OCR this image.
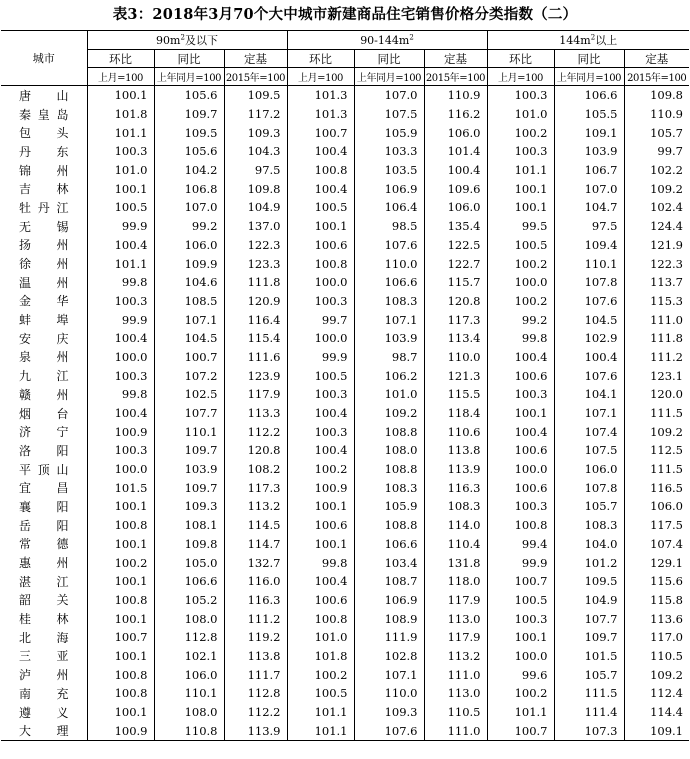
表3：2018年3月70个大中城市新建商品住宅销售价格分类指数（二）
城市	$90m^2$及以下			$90-144m^2$			$144m^2$以上		
	环比	同比	定基	环比	同比	定基	环比	同比	定基
	上月=100	上年同月=100	2015年=100	上月=100	上年同月=100	2015年=100	上月=100	上年同月=100	2015年=100

唐　山	100.1	105.6	109.5	101.3	107.0	110.9	100.3	106.6	109.8

秦皇岛	101.8	109.7	117.2	101.3	107.5	116.2	101.0	105.5	110.9

包　头	101.1	109.5	109.3	100.7	105.9	106.0	100.2	109.1	105.7

丹　东	100.3	105.6	104.3	100.4	103.3	101.4	100.3	103.9	99.7

锦　州	101.0	104.2	97.5	100.8	103.5	100.4	101.1	106.7	102.2

吉　林	100.1	106.8	109.8	100.4	106.9	109.6	100.1	107.0	109.2

牡丹江	100.5	107.0	104.9	100.5	106.4	106.0	100.1	104.7	102.4

无　锡	99.9	99.2	137.0	100.1	98.5	135.4	99.5	97.5	124.4

扬　州	100.4	106.0	122.3	100.6	107.6	122.5	100.5	109.4	121.9

徐　州	101.1	109.9	123.3	100.8	110.0	122.7	100.2	110.1	122.3

温　州	99.8	104.6	111.8	100.0	106.6	115.7	100.0	107.8	113.7

金　华	100.3	108.5	120.9	100.3	108.3	120.8	100.2	107.6	115.3

蚌　埠	99.9	107.1	116.4	99.7	107.1	117.3	99.2	104.5	111.0

安　庆	100.4	104.5	115.4	100.0	103.9	113.4	99.8	102.9	111.8

泉　州	100.0	100.7	111.6	99.9	98.7	110.0	100.4	100.4	111.2

九　江	100.3	107.2	123.9	100.5	106.2	121.3	100.6	107.6	123.1

赣　州	99.8	102.5	117.9	100.3	101.0	115.5	100.3	104.1	120.0

烟　台	100.4	107.7	113.3	100.4	109.2	118.4	100.1	107.1	111.5

济　宁	100.9	110.1	112.2	100.3	108.8	110.6	100.4	107.4	109.2

洛　阳	100.3	109.7	120.8	100.4	108.0	113.8	100.6	107.5	112.5

平顶山	100.0	103.9	108.2	100.2	108.8	113.9	100.0	106.0	111.5

宜　昌	101.5	109.7	117.3	100.9	108.3	116.3	100.6	107.8	116.5

襄　阳	100.1	109.3	113.2	100.1	105.9	108.3	100.3	105.7	106.0

岳　阳	100.8	108.1	114.5	100.6	108.8	114.0	100.8	108.3	117.5

常　德	100.1	109.8	114.7	100.1	106.6	110.4	99.4	104.0	107.4

惠　州	100.2	105.0	132.7	99.8	103.4	131.8	99.9	101.2	129.1

湛　江	100.1	106.6	116.0	100.4	108.7	118.0	100.7	109.5	115.6

韶　关	100.8	105.2	116.3	100.6	106.9	117.9	100.5	104.9	115.8

桂　林	100.1	108.0	111.2	100.8	108.9	113.0	100.3	107.7	113.6

北　海	100.7	112.8	119.2	101.0	111.9	117.9	100.1	109.7	117.0

三　亚	100.1	102.1	113.8	101.8	102.8	113.2	100.0	101.5	110.5

泸　州	100.8	106.0	111.7	100.2	107.1	111.0	99.6	105.7	109.2

南　充	100.8	110.1	112.8	100.5	110.0	113.0	100.2	111.5	112.4

遵　义	100.1	108.0	112.2	101.1	109.3	110.5	101.1	111.4	114.4

大　理	100.9	110.8	113.9	101.1	107.6	111.0	100.7	107.3	109.1
